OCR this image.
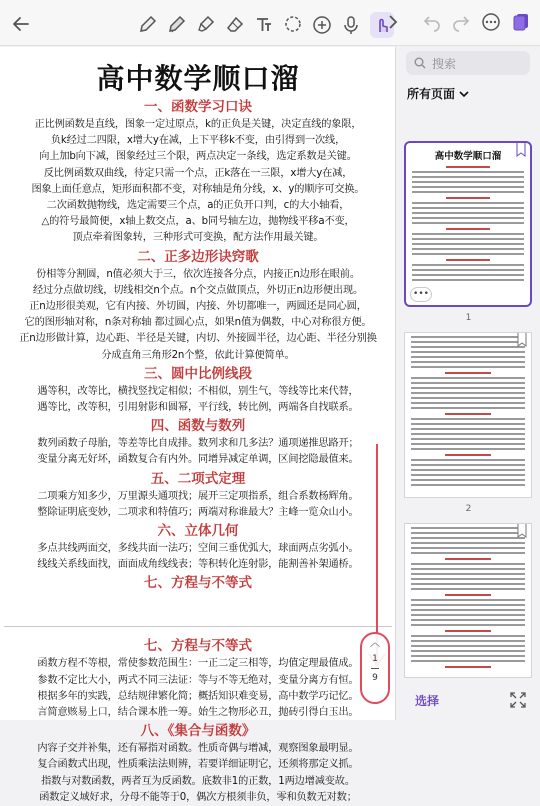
高中数学顺口溜
一、函数学习口诀
正比例函数是直线，图象一定过原点，k的正负是关键，决定直线的象限，
负k经过二四限，x增大y在减，上下平移k不变，由引得到一次线，
向上加b向下减，图象经过三个限，两点决定一条线，选定系数是关键。
反比例函数双曲线，待定只需一个点，正k落在一三限，x增大y在减，
图象上面任意点，矩形面积都不变，对称轴是角分线，x、y的顺序可交换。
二次函数抛物线，选定需要三个点，a的正负开口判，c的大小轴看，
△的符号最简便，x轴上数交点，a、b同号轴左边，抛物线平移a不变，
顶点牵着图象转，三种形式可变换，配方法作用最关键。
二、正多边形诀窍歌
份相等分割圆，n值必须大于三，依次连接各分点，内接正n边形在眼前。
经过分点做切线，切线相交n个点。n个交点做顶点，外切正n边形便出现。
正n边形很美观，它有内接、外切圆，内接、外切都唯一，两圆还是同心圆，
它的图形轴对称，n条对称轴 都过圆心点，如果n值为偶数，中心对称很方便。
正n边形做计算，边心距、半径是关键，内切、外接圆半径，边心距、半径分别换
分成直角三角形2n个整，依此计算便简单。
三、圆中比例线段
遇等积，改等比，横找竖找定相似；不相似，别生气，等线等比来代替，
遇等比，改等积，引用射影和圆幂，平行线，转比例，两端各自找联系。
四、函数与数列
数列函数子母胎，等差等比自成排。数列求和几多法？通项递推思路开；
变量分离无好坏，函数复合有内外。同增异减定单调，区间挖隐最值来。
五、二项式定理
二项乘方知多少，万里源头通项找；展开三定项指系，组合系数杨辉角。
整除证明底变妙，二项求和特值巧；两端对称谁最大？主峰一览众山小。
六、立体几何
多点共线两面交，多线共面一法巧；空间三垂优弧大，球面两点劣弧小。
线线关系线面找，面面成角线线表；等积转化连射影，能割善补架通桥。
七、方程与不等式
七、方程与不等式
函数方程不等根，常使参数范围生：一正二定三相等，均值定理最值成。
参数不定比大小，两式不同三法证：等与不等无绝对，变量分离方有恒。
根据多年的实践，总结规律繁化简；概括知识难变易，高中数学巧记忆。
言简意赅易上口，结合课本胜一筹。始生之物形必丑，抛砖引得白玉出。
八、《集合与函数》
内容子交并补集，还有幂指对函数。性质奇偶与增减，观察图象最明显。
复合函数式出现，性质乘法法则辨，若要详细证明它，还须将那定义抓。
指数与对数函数，两者互为反函数。底数非1的正数，1两边增减变故。
函数定义域好求，分母不能等于0，偶次方根须非负，零和负数无对数；
︿
1
9
搜索
所有页面
高中数学顺口溜
•••
1
2
选择
